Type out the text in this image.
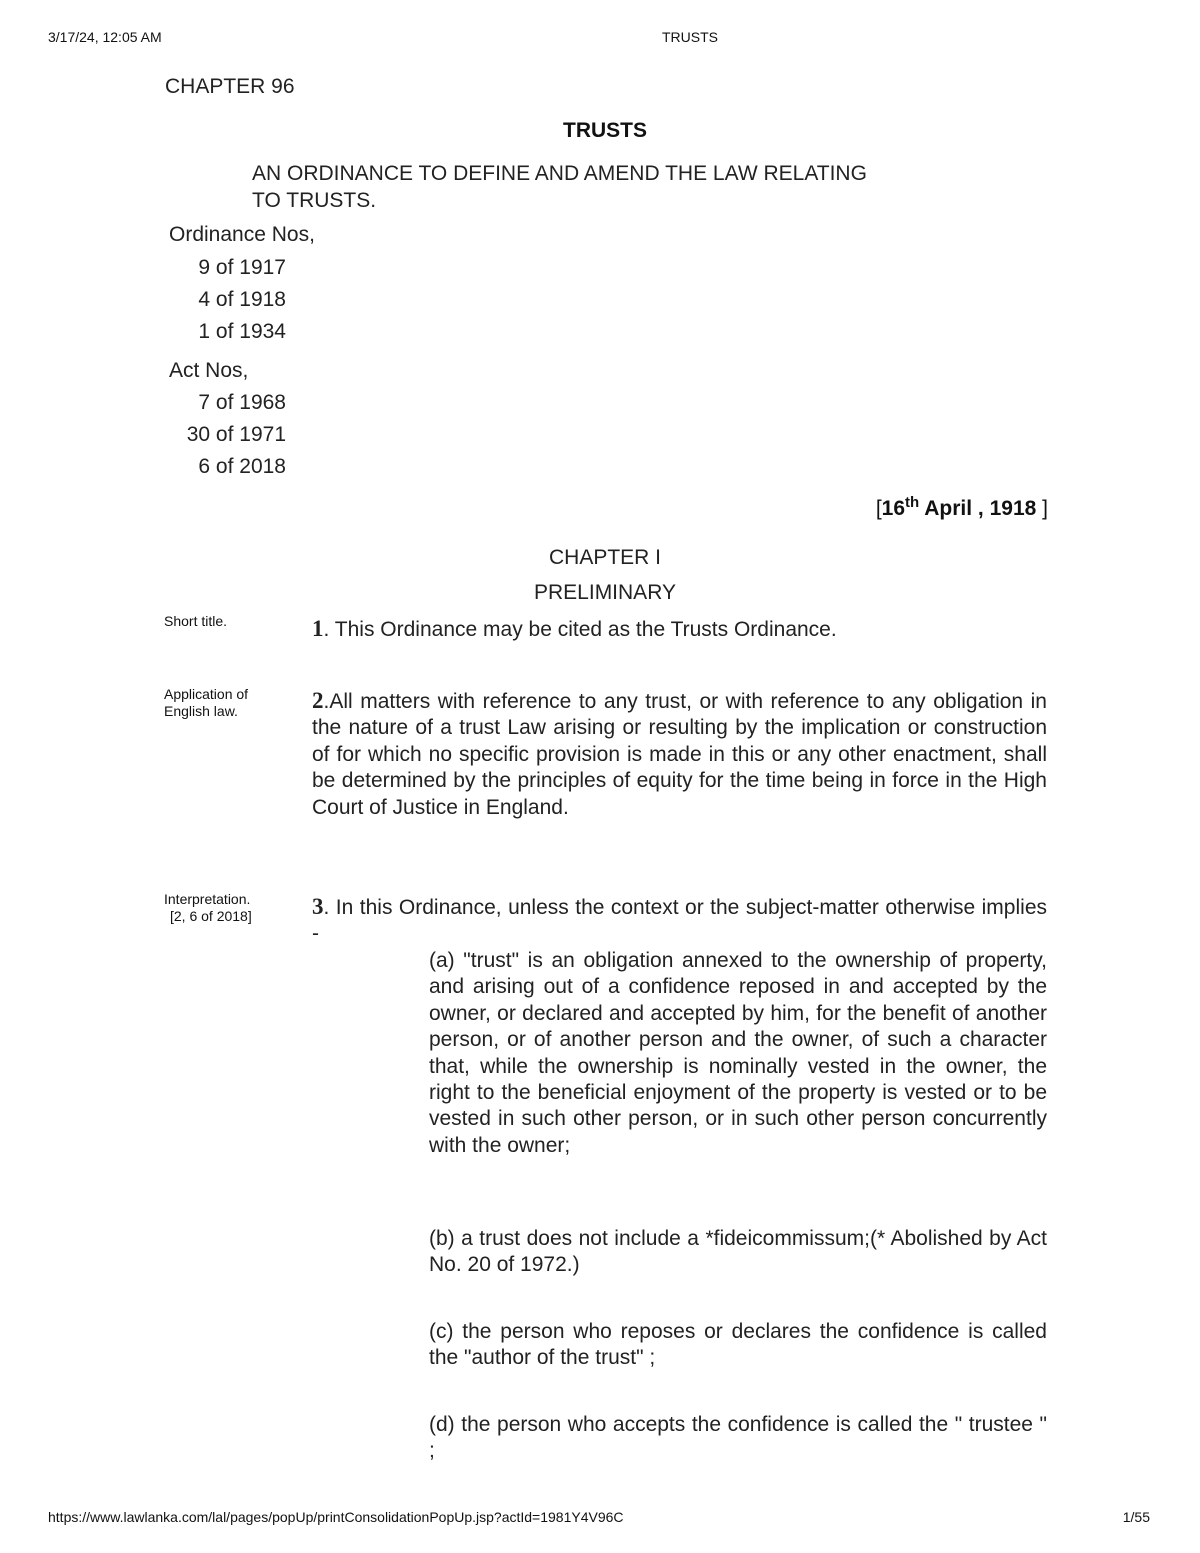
3/17/24, 12:05 AM	TRUSTS
CHAPTER 96
TRUSTS
AN ORDINANCE TO DEFINE AND AMEND THE LAW RELATING
TO TRUSTS.
Ordinance Nos,
9 of 1917
4 of 1918
1 of 1934
Act Nos,
7 of 1968
30 of 1971
6 of 2018
[16th April , 1918 ]
CHAPTER I
PRELIMINARY
Short title.	1. This Ordinance may be cited as the Trusts Ordinance.
Application of
English law.	2.All matters with reference to any trust, or with reference to any obligation in the nature of a trust Law arising or resulting by the implication or construction of for which no specific provision is made in this or any other enactment, shall be determined by the principles of equity for the time being in force in the High Court of Justice in England.
Interpretation.
[2, 6 of 2018]	3. In this Ordinance, unless the context or the subject-matter otherwise implies -
(a) "trust" is an obligation annexed to the ownership of property, and arising out of a confidence reposed in and accepted by the owner, or declared and accepted by him, for the benefit of another person, or of another person and the owner, of such a character that, while the ownership is nominally vested in the owner, the right to the beneficial enjoyment of the property is vested or to be vested in such other person, or in such other person concurrently with the owner;
(b) a trust does not include a *fideicommissum;(* Abolished by Act No. 20 of 1972.)
(c) the person who reposes or declares the confidence is called the "author of the trust" ;
(d) the person who accepts the confidence is called the " trustee " ;
https://www.lawlanka.com/lal/pages/popUp/printConsolidationPopUp.jsp?actId=1981Y4V96C	1/55
